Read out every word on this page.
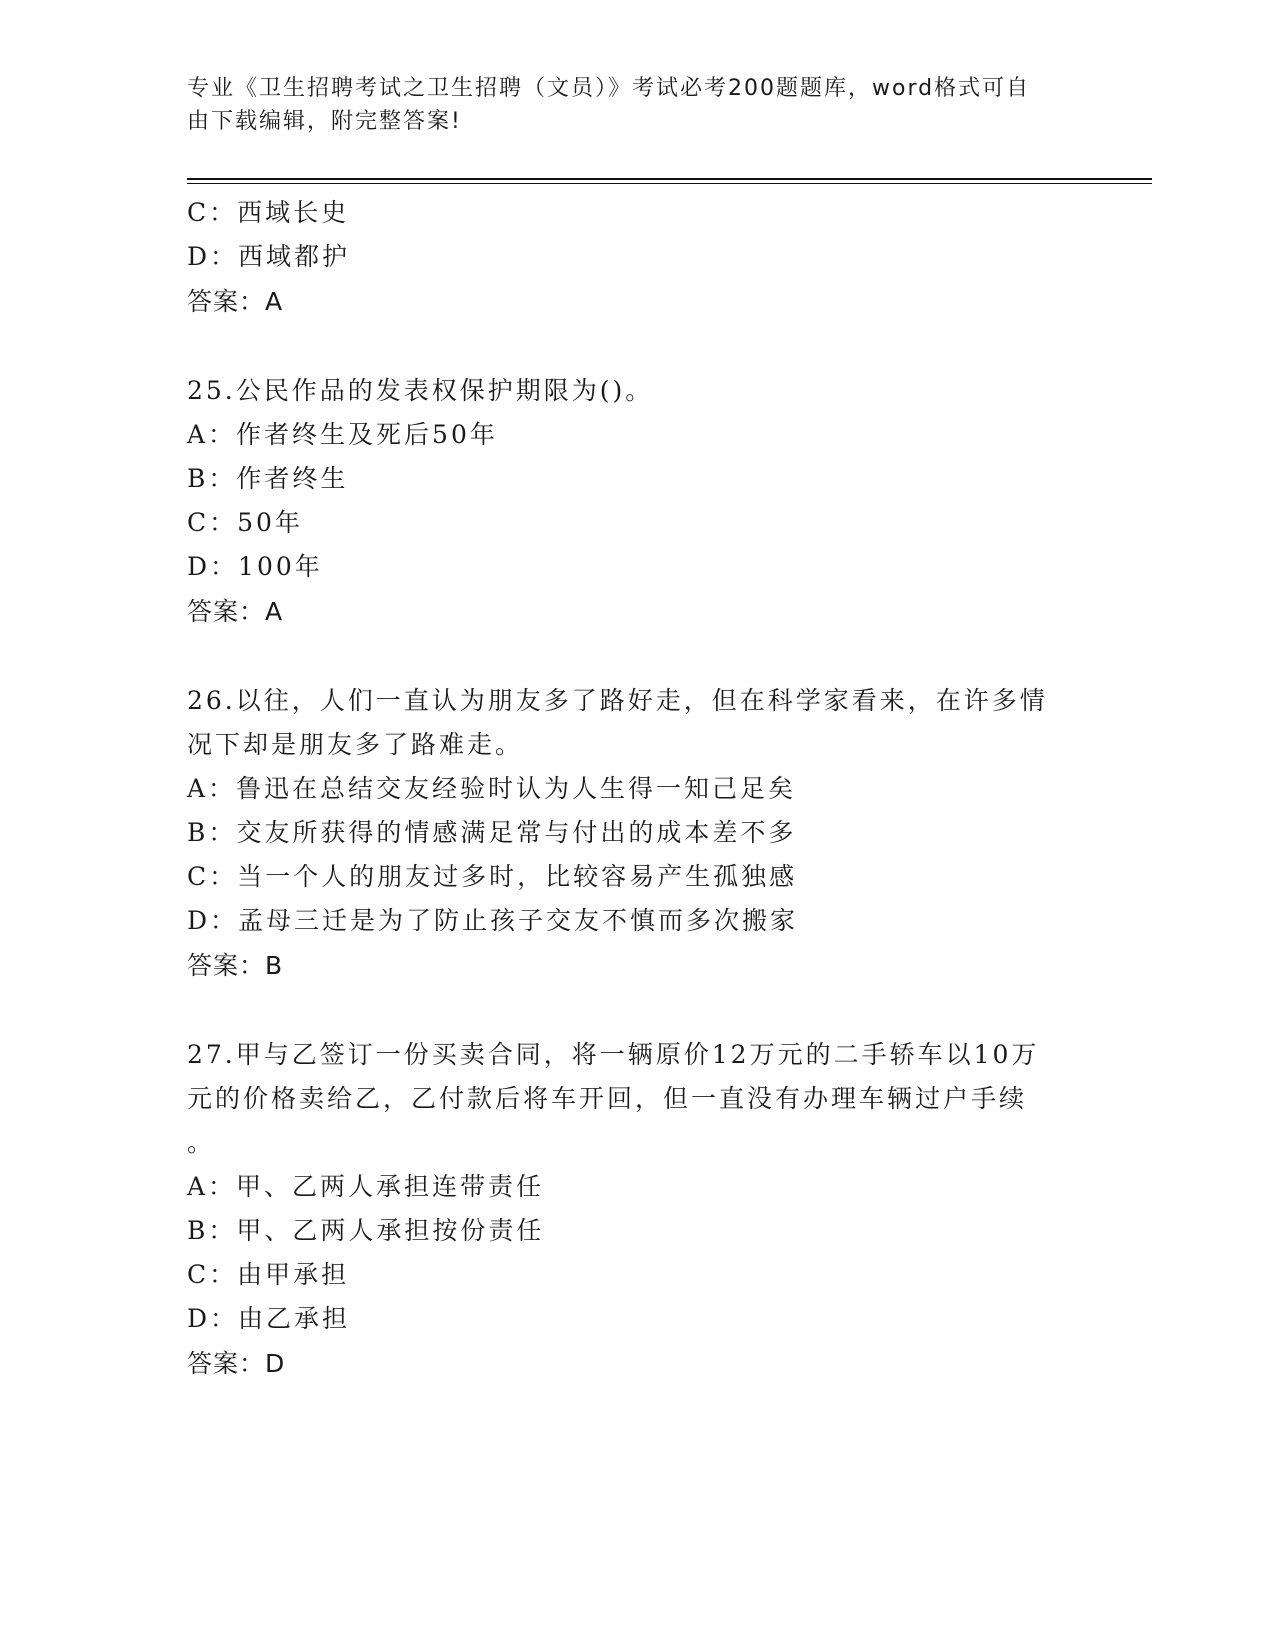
专业《卫生招聘考试之卫生招聘（文员）》考试必考200题题库，word格式可自
由下载编辑，附完整答案!
C：西域长史
D：西域都护
答案：A
25.公民作品的发表权保护期限为()。
A：作者终生及死后50年
B：作者终生
C：50年
D：100年
答案：A
26.以往，人们一直认为朋友多了路好走，但在科学家看来，在许多情
况下却是朋友多了路难走。
A：鲁迅在总结交友经验时认为人生得一知己足矣
B：交友所获得的情感满足常与付出的成本差不多
C：当一个人的朋友过多时，比较容易产生孤独感
D：孟母三迁是为了防止孩子交友不慎而多次搬家
答案：B
27.甲与乙签订一份买卖合同，将一辆原价12万元的二手轿车以10万
元的价格卖给乙，乙付款后将车开回，但一直没有办理车辆过户手续
。
A：甲、乙两人承担连带责任
B：甲、乙两人承担按份责任
C：由甲承担
D：由乙承担
答案：D
